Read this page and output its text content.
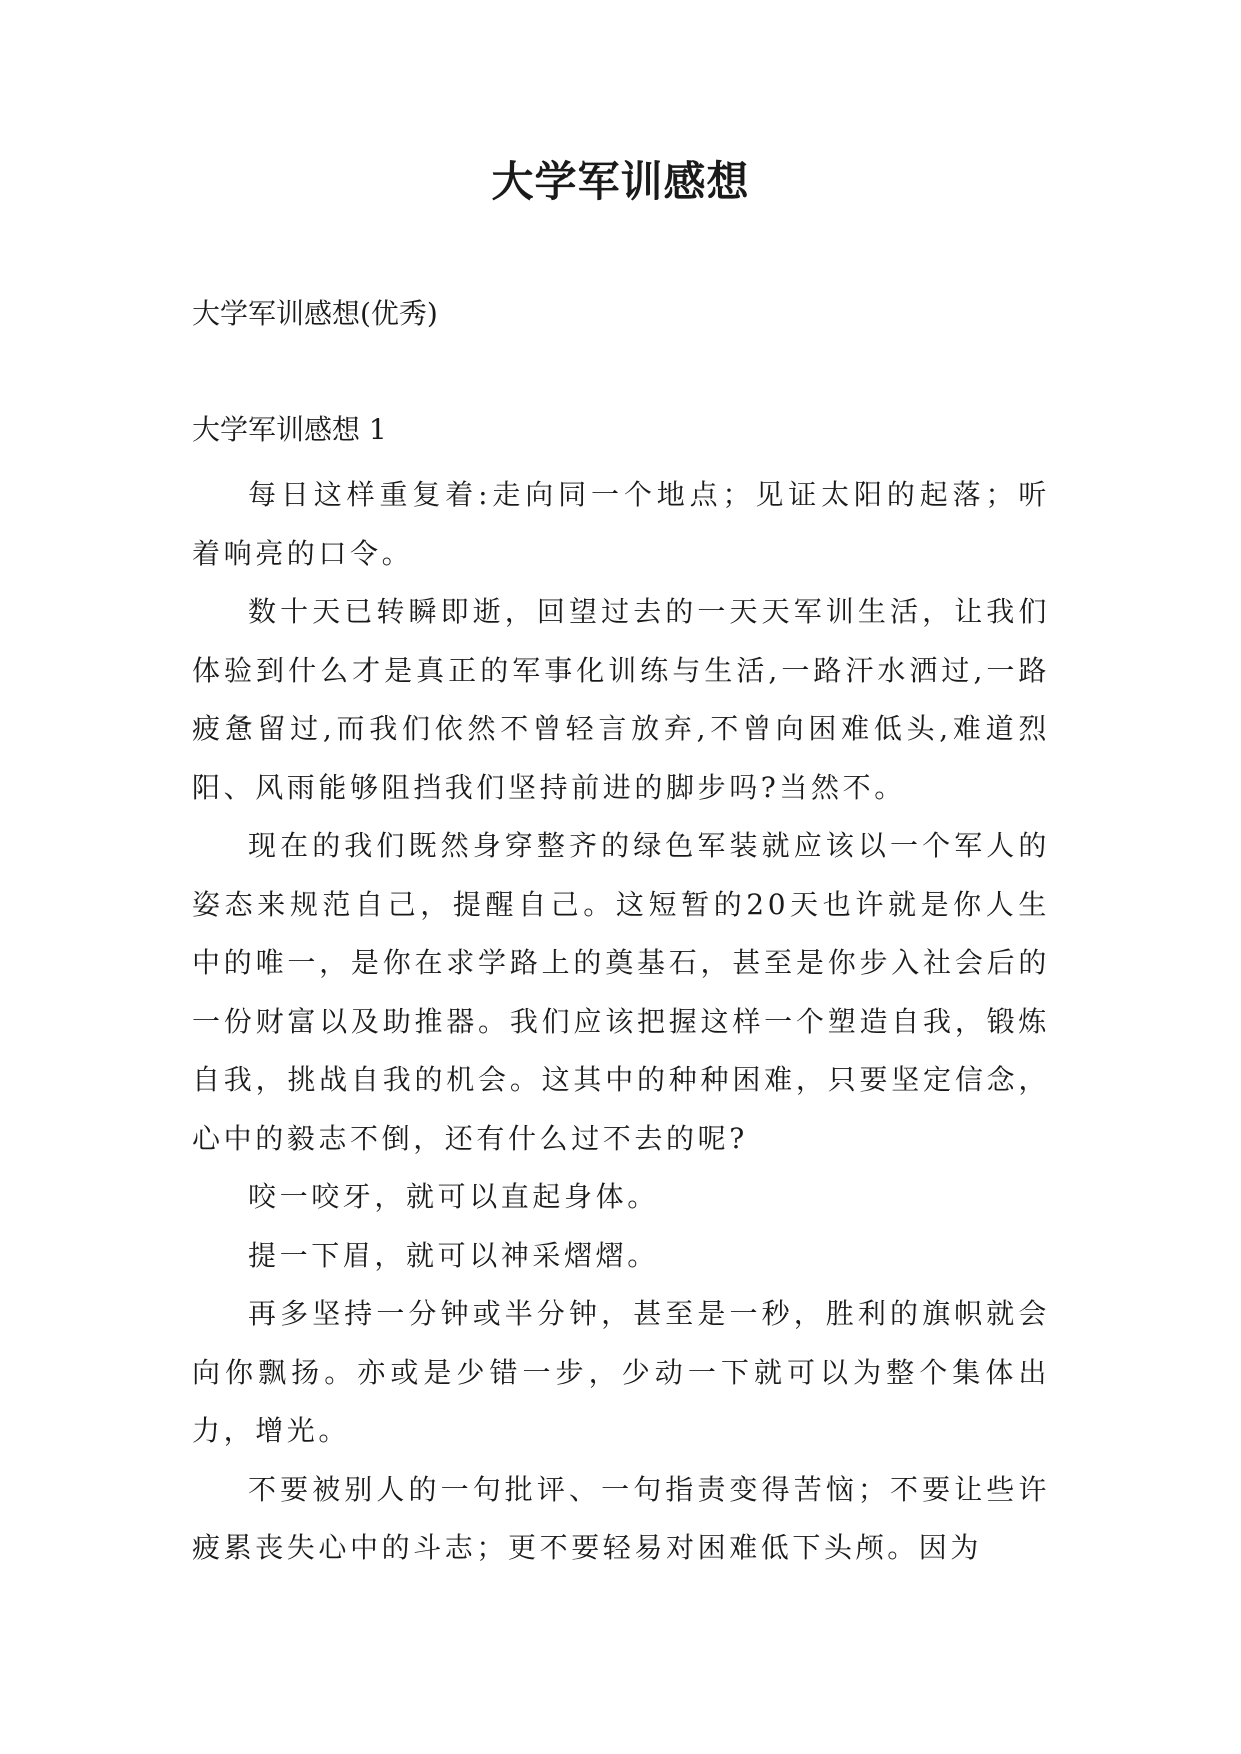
大学军训感想

大学军训感想(优秀)

大学军训感想 1

每日这样重复着:走向同一个地点；见证太阳的起落；听着响亮的口令。

数十天已转瞬即逝，回望过去的一天天军训生活，让我们体验到什么才是真正的军事化训练与生活,一路汗水洒过,一路疲惫留过,而我们依然不曾轻言放弃,不曾向困难低头,难道烈阳、风雨能够阻挡我们坚持前进的脚步吗?当然不。

现在的我们既然身穿整齐的绿色军装就应该以一个军人的姿态来规范自己，提醒自己。这短暂的20天也许就是你人生中的唯一，是你在求学路上的奠基石，甚至是你步入社会后的一份财富以及助推器。我们应该把握这样一个塑造自我，锻炼自我，挑战自我的机会。这其中的种种困难，只要坚定信念，心中的毅志不倒，还有什么过不去的呢?

咬一咬牙，就可以直起身体。

提一下眉，就可以神采熠熠。

再多坚持一分钟或半分钟，甚至是一秒，胜利的旗帜就会向你飘扬。亦或是少错一步，少动一下就可以为整个集体出力，增光。

不要被别人的一句批评、一句指责变得苦恼；不要让些许疲累丧失心中的斗志；更不要轻易对困难低下头颅。因为
